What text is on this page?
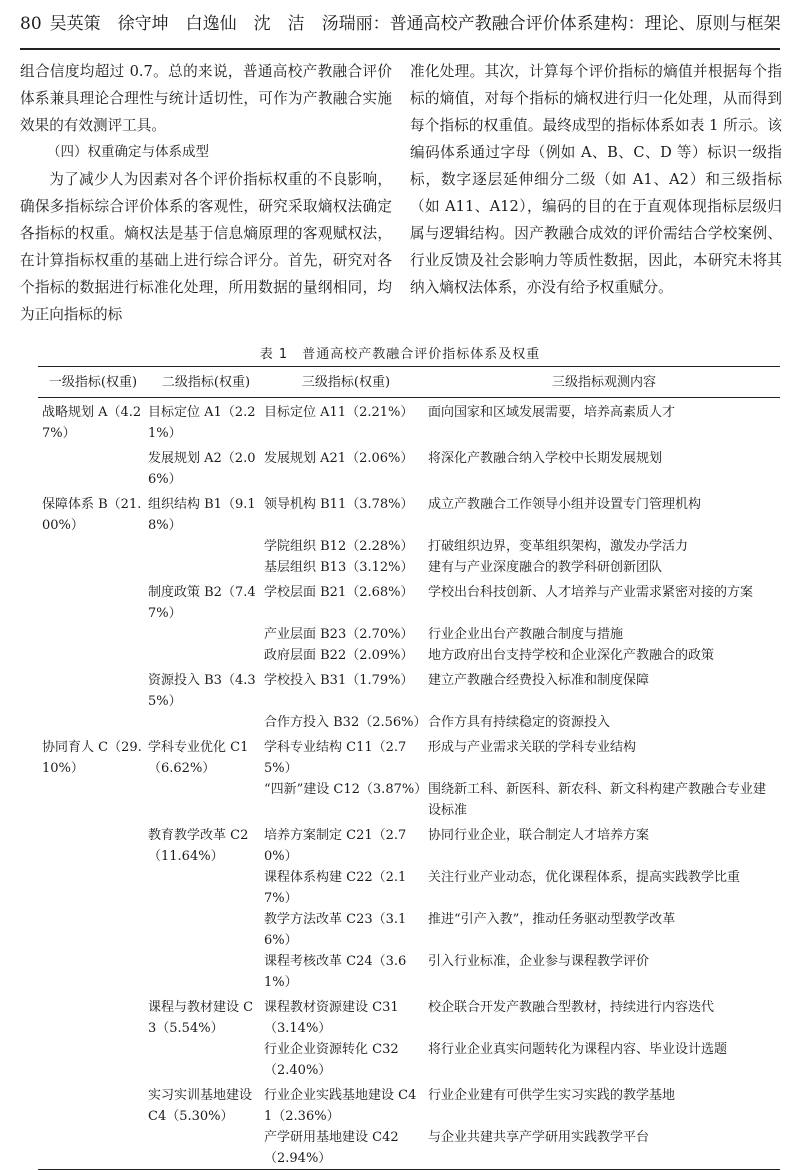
80 吴英策　徐守坤　白逸仙　沈　洁　汤瑞丽：普通高校产教融合评价体系建构：理论、原则与框架

组合信度均超过 0.7。总的来说，普通高校产教融合评价体系兼具理论合理性与统计适切性，可作为产教融合实施效果的有效测评工具。

（四）权重确定与体系成型

为了减少人为因素对各个评价指标权重的不良影响，确保多指标综合评价体系的客观性，研究采取熵权法确定各指标的权重。熵权法是基于信息熵原理的客观赋权法，在计算指标权重的基础上进行综合评分。首先，研究对各个指标的数据进行标准化处理，所用数据的量纲相同，均为正向指标的标

准化处理。其次，计算每个评价指标的熵值并根据每个指标的熵值，对每个指标的熵权进行归一化处理，从而得到每个指标的权重值。最终成型的指标体系如表 1 所示。该编码体系通过字母（例如 A、B、C、D 等）标识一级指标，数字逐层延伸细分二级（如 A1、A2）和三级指标（如 A11、A12），编码的目的在于直观体现指标层级归属与逻辑结构。因产教融合成效的评价需结合学校案例、行业反馈及社会影响力等质性数据，因此，本研究未将其纳入熵权法体系，亦没有给予权重赋分。

表 1　普通高校产教融合评价指标体系及权重
一级指标(权重)	二级指标(权重)	三级指标(权重)	三级指标观测内容
战略规划 A（4.27%）	目标定位 A1（2.21%）	目标定位 A11（2.21%）	面向国家和区域发展需要，培养高素质人才
	发展规划 A2（2.06%）	发展规划 A21（2.06%）	将深化产教融合纳入学校中长期发展规划
保障体系 B（21.00%）	组织结构 B1（9.18%）	领导机构 B11（3.78%）	成立产教融合工作领导小组并设置专门管理机构
		学院组织 B12（2.28%）	打破组织边界，变革组织架构，激发办学活力
		基层组织 B13（3.12%）	建有与产业深度融合的教学科研创新团队
	制度政策 B2（7.47%）	学校层面 B21（2.68%）	学校出台科技创新、人才培养与产业需求紧密对接的方案
		产业层面 B23（2.70%）	行业企业出台产教融合制度与措施
		政府层面 B22（2.09%）	地方政府出台支持学校和企业深化产教融合的政策
	资源投入 B3（4.35%）	学校投入 B31（1.79%）	建立产教融合经费投入标准和制度保障
		合作方投入 B32（2.56%）	合作方具有持续稳定的资源投入
协同育人 C（29.10%）	学科专业优化 C1（6.62%）	学科专业结构 C11（2.75%）	形成与产业需求关联的学科专业结构
		“四新”建设 C12（3.87%）	围绕新工科、新医科、新农科、新文科构建产教融合专业建设标准
	教育教学改革 C2（11.64%）	培养方案制定 C21（2.70%）	协同行业企业，联合制定人才培养方案
		课程体系构建 C22（2.17%）	关注行业产业动态，优化课程体系，提高实践教学比重
		教学方法改革 C23（3.16%）	推进“引产入教”，推动任务驱动型教学改革
		课程考核改革 C24（3.61%）	引入行业标准，企业参与课程教学评价
	课程与教材建设 C3（5.54%）	课程教材资源建设 C31（3.14%）	校企联合开发产教融合型教材，持续进行内容迭代
		行业企业资源转化 C32（2.40%）	将行业企业真实问题转化为课程内容、毕业设计选题
	实习实训基地建设 C4（5.30%）	行业企业实践基地建设 C41（2.36%）	行业企业建有可供学生实习实践的教学基地
		产学研用基地建设 C42（2.94%）	与企业共建共享产学研用实践教学平台
